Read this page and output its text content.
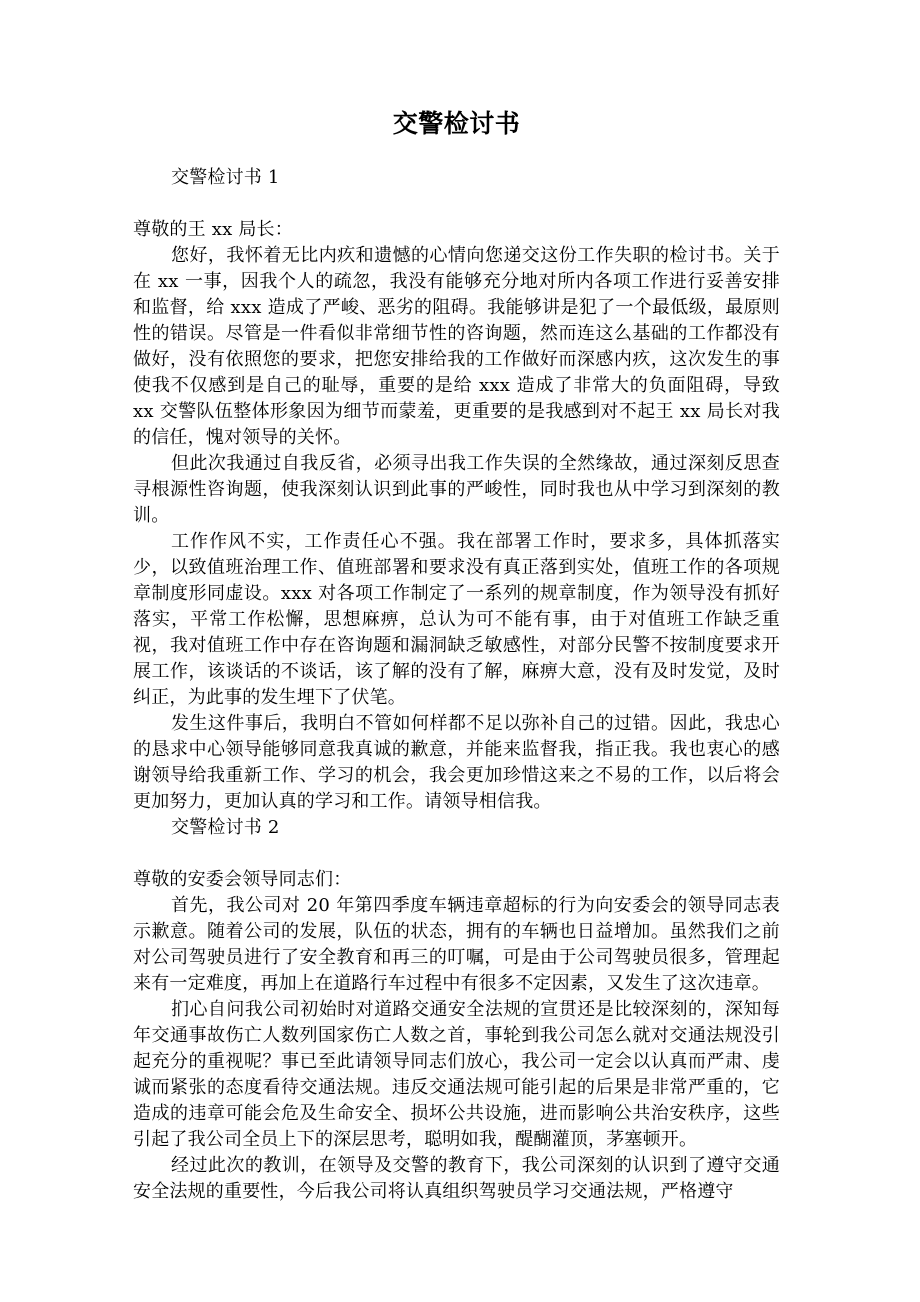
交警检讨书

交警检讨书 1

尊敬的王 xx 局长：

您好，我怀着无比内疚和遗憾的心情向您递交这份工作失职的检讨书。关于在 xx 一事，因我个人的疏忽，我没有能够充分地对所内各项工作进行妥善安排和监督，给 xxx 造成了严峻、恶劣的阻碍。我能够讲是犯了一个最低级，最原则性的错误。尽管是一件看似非常细节性的咨询题，然而连这么基础的工作都没有做好，没有依照您的要求，把您安排给我的工作做好而深感内疚，这次发生的事使我不仅感到是自己的耻辱，重要的是给 xxx 造成了非常大的负面阻碍，导致 xx 交警队伍整体形象因为细节而蒙羞，更重要的是我感到对不起王 xx 局长对我的信任，愧对领导的关怀。

但此次我通过自我反省，必须寻出我工作失误的全然缘故，通过深刻反思查寻根源性咨询题，使我深刻认识到此事的严峻性，同时我也从中学习到深刻的教训。

工作作风不实，工作责任心不强。我在部署工作时，要求多，具体抓落实少，以致值班治理工作、值班部署和要求没有真正落到实处，值班工作的各项规章制度形同虚设。xxx 对各项工作制定了一系列的规章制度，作为领导没有抓好落实，平常工作松懈，思想麻痹，总认为可不能有事，由于对值班工作缺乏重视，我对值班工作中存在咨询题和漏洞缺乏敏感性，对部分民警不按制度要求开展工作，该谈话的不谈话，该了解的没有了解，麻痹大意，没有及时发觉，及时纠正，为此事的发生埋下了伏笔。

发生这件事后，我明白不管如何样都不足以弥补自己的过错。因此，我忠心的恳求中心领导能够同意我真诚的歉意，并能来监督我，指正我。我也衷心的感谢领导给我重新工作、学习的机会，我会更加珍惜这来之不易的工作，以后将会更加努力，更加认真的学习和工作。请领导相信我。

交警检讨书 2

尊敬的安委会领导同志们：

首先，我公司对 20 年第四季度车辆违章超标的行为向安委会的领导同志表示歉意。随着公司的发展，队伍的状态，拥有的车辆也日益增加。虽然我们之前对公司驾驶员进行了安全教育和再三的叮嘱，可是由于公司驾驶员很多，管理起来有一定难度，再加上在道路行车过程中有很多不定因素，又发生了这次违章。

扪心自问我公司初始时对道路交通安全法规的宣贯还是比较深刻的，深知每年交通事故伤亡人数列国家伤亡人数之首，事轮到我公司怎么就对交通法规没引起充分的重视呢？事已至此请领导同志们放心，我公司一定会以认真而严肃、虔诚而紧张的态度看待交通法规。违反交通法规可能引起的后果是非常严重的，它造成的违章可能会危及生命安全、损坏公共设施，进而影响公共治安秩序，这些引起了我公司全员上下的深层思考，聪明如我，醍醐灌顶，茅塞顿开。

经过此次的教训，在领导及交警的教育下，我公司深刻的认识到了遵守交通安全法规的重要性，今后我公司将认真组织驾驶员学习交通法规，严格遵守
